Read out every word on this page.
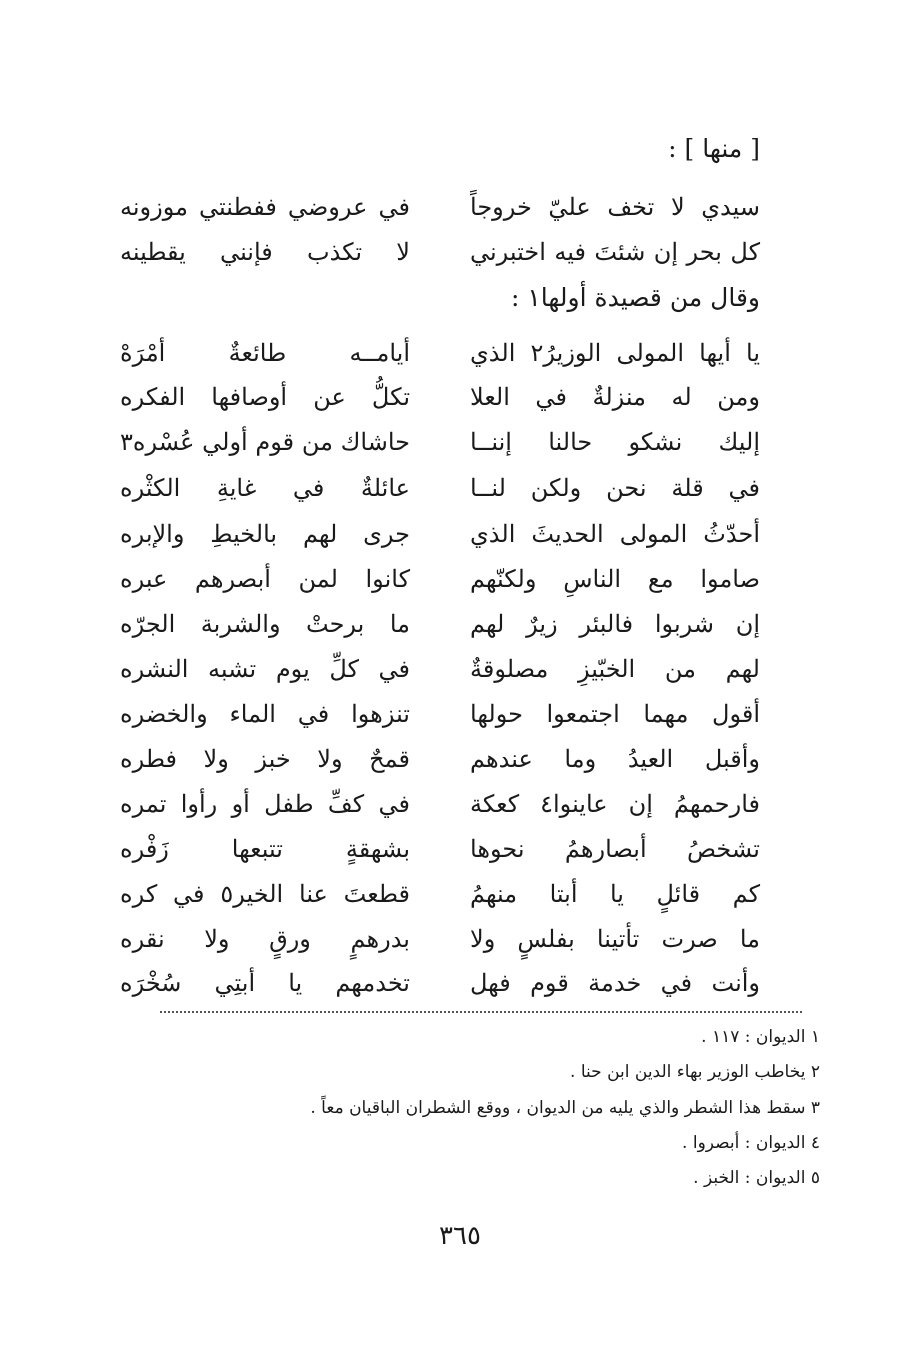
[ منها ] :
سيدي لا تخف عليّ خروجاً
في عروضي ففطنتي موزونه
كل بحر إن شئتَ فيه اختبرني
لا تكذب فإنني يقطينه
وقال من قصيدة أولها١ :
يا أيها المولى الوزيرُ٢ الذي
أيامــه طائعةٌ أمْرَهْ
ومن له منزلةٌ في العلا
تكلُّ عن أوصافها الفكره
إليك نشكو حالنا إننــا
حاشاك من قوم أولي عُسْره٣
في قلة نحن ولكن لنــا
عائلةٌ في غايةِ الكثْره
أحدّثُ المولى الحديثَ الذي
جرى لهم بالخيطِ والإبره
صاموا مع الناسِ ولكنّهم
كانوا لمن أبصرهم عبره
إن شربوا فالبئر زيرٌ لهم
ما برحتْ والشربة الجرّه
لهم من الخبّيزِ مصلوقةٌ
في كلِّ يوم تشبه النشره
أقول مهما اجتمعوا حولها
تنزهوا في الماء والخضره
وأقبل العيدُ وما عندهم
قمحٌ ولا خبز ولا فطره
فارحمهمُ إن عاينوا٤ كعكة
في كفِّ طفل أو رأوا تمره
تشخصُ أبصارهمُ نحوها
بشهقةٍ تتبعها زَفْره
كم قائلٍ يا أبتا منهمُ
قطعتَ عنا الخير٥ في كره
ما صرت تأتينا بفلسٍ ولا
بدرهمٍ ورقٍ ولا نقره
وأنت في خدمة قوم فهل
تخدمهم يا أبتِي سُخْرَه
١ الديوان : ١١٧ .
٢ يخاطب الوزير بهاء الدين ابن حنا .
٣ سقط هذا الشطر والذي يليه من الديوان ، ووقع الشطران الباقيان معاً .
٤ الديوان : أبصروا .
٥ الديوان : الخبز .
٣٦٥
